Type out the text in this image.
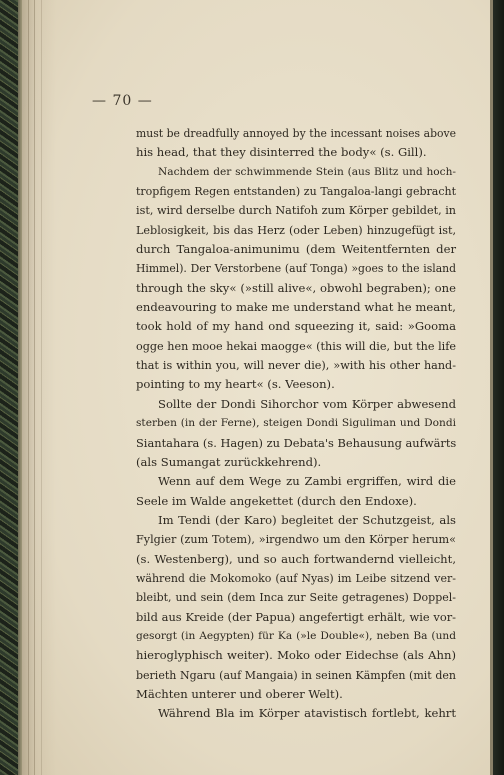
— 70 —

must be dreadfully annoyed by the incessant noises above
his head, that they disinterred the body« (s. Gill).

Nachdem der schwimmende Stein (aus Blitz und hoch-
tropfigem Regen entstanden) zu Tangaloa-langi gebracht
ist, wird derselbe durch Natifoh zum Körper gebildet, in
Leblosigkeit, bis das Herz (oder Leben) hinzugefügt ist,
durch Tangaloa-animunimu (dem Weitentfernten der
Himmel). Der Verstorbene (auf Tonga) »goes to the island
through the sky« (»still alive«, obwohl begraben); one
endeavouring to make me understand what he meant,
took hold of my hand ond squeezing it, said: »Gooma
ogge hen mooe hekai maogge« (this will die, but the life
that is within you, will never die), »with his other hand-
pointing to my heart« (s. Veeson).

Sollte der Dondi Sihorchor vom Körper abwesend
sterben (in der Ferne), steigen Dondi Siguliman und Dondi
Siantahara (s. Hagen) zu Debata's Behausung aufwärts
(als Sumangat zurückkehrend).

Wenn auf dem Wege zu Zambi ergriffen, wird die
Seele im Walde angekettet (durch den Endoxe).

Im Tendi (der Karo) begleitet der Schutzgeist, als
Fylgier (zum Totem), »irgendwo um den Körper herum«
(s. Westenberg), und so auch fortwandernd vielleicht,
während die Mokomoko (auf Nyas) im Leibe sitzend ver-
bleibt, und sein (dem Inca zur Seite getragenes) Doppel-
bild aus Kreide (der Papua) angefertigt erhält, wie vor-
gesorgt (in Aegypten) für Ka (»le Double«), neben Ba (und
hieroglyphisch weiter). Moko oder Eidechse (als Ahn)
berieth Ngaru (auf Mangaia) in seinen Kämpfen (mit den
Mächten unterer und oberer Welt).

Während Bla im Körper atavistisch fortlebt, kehrt
